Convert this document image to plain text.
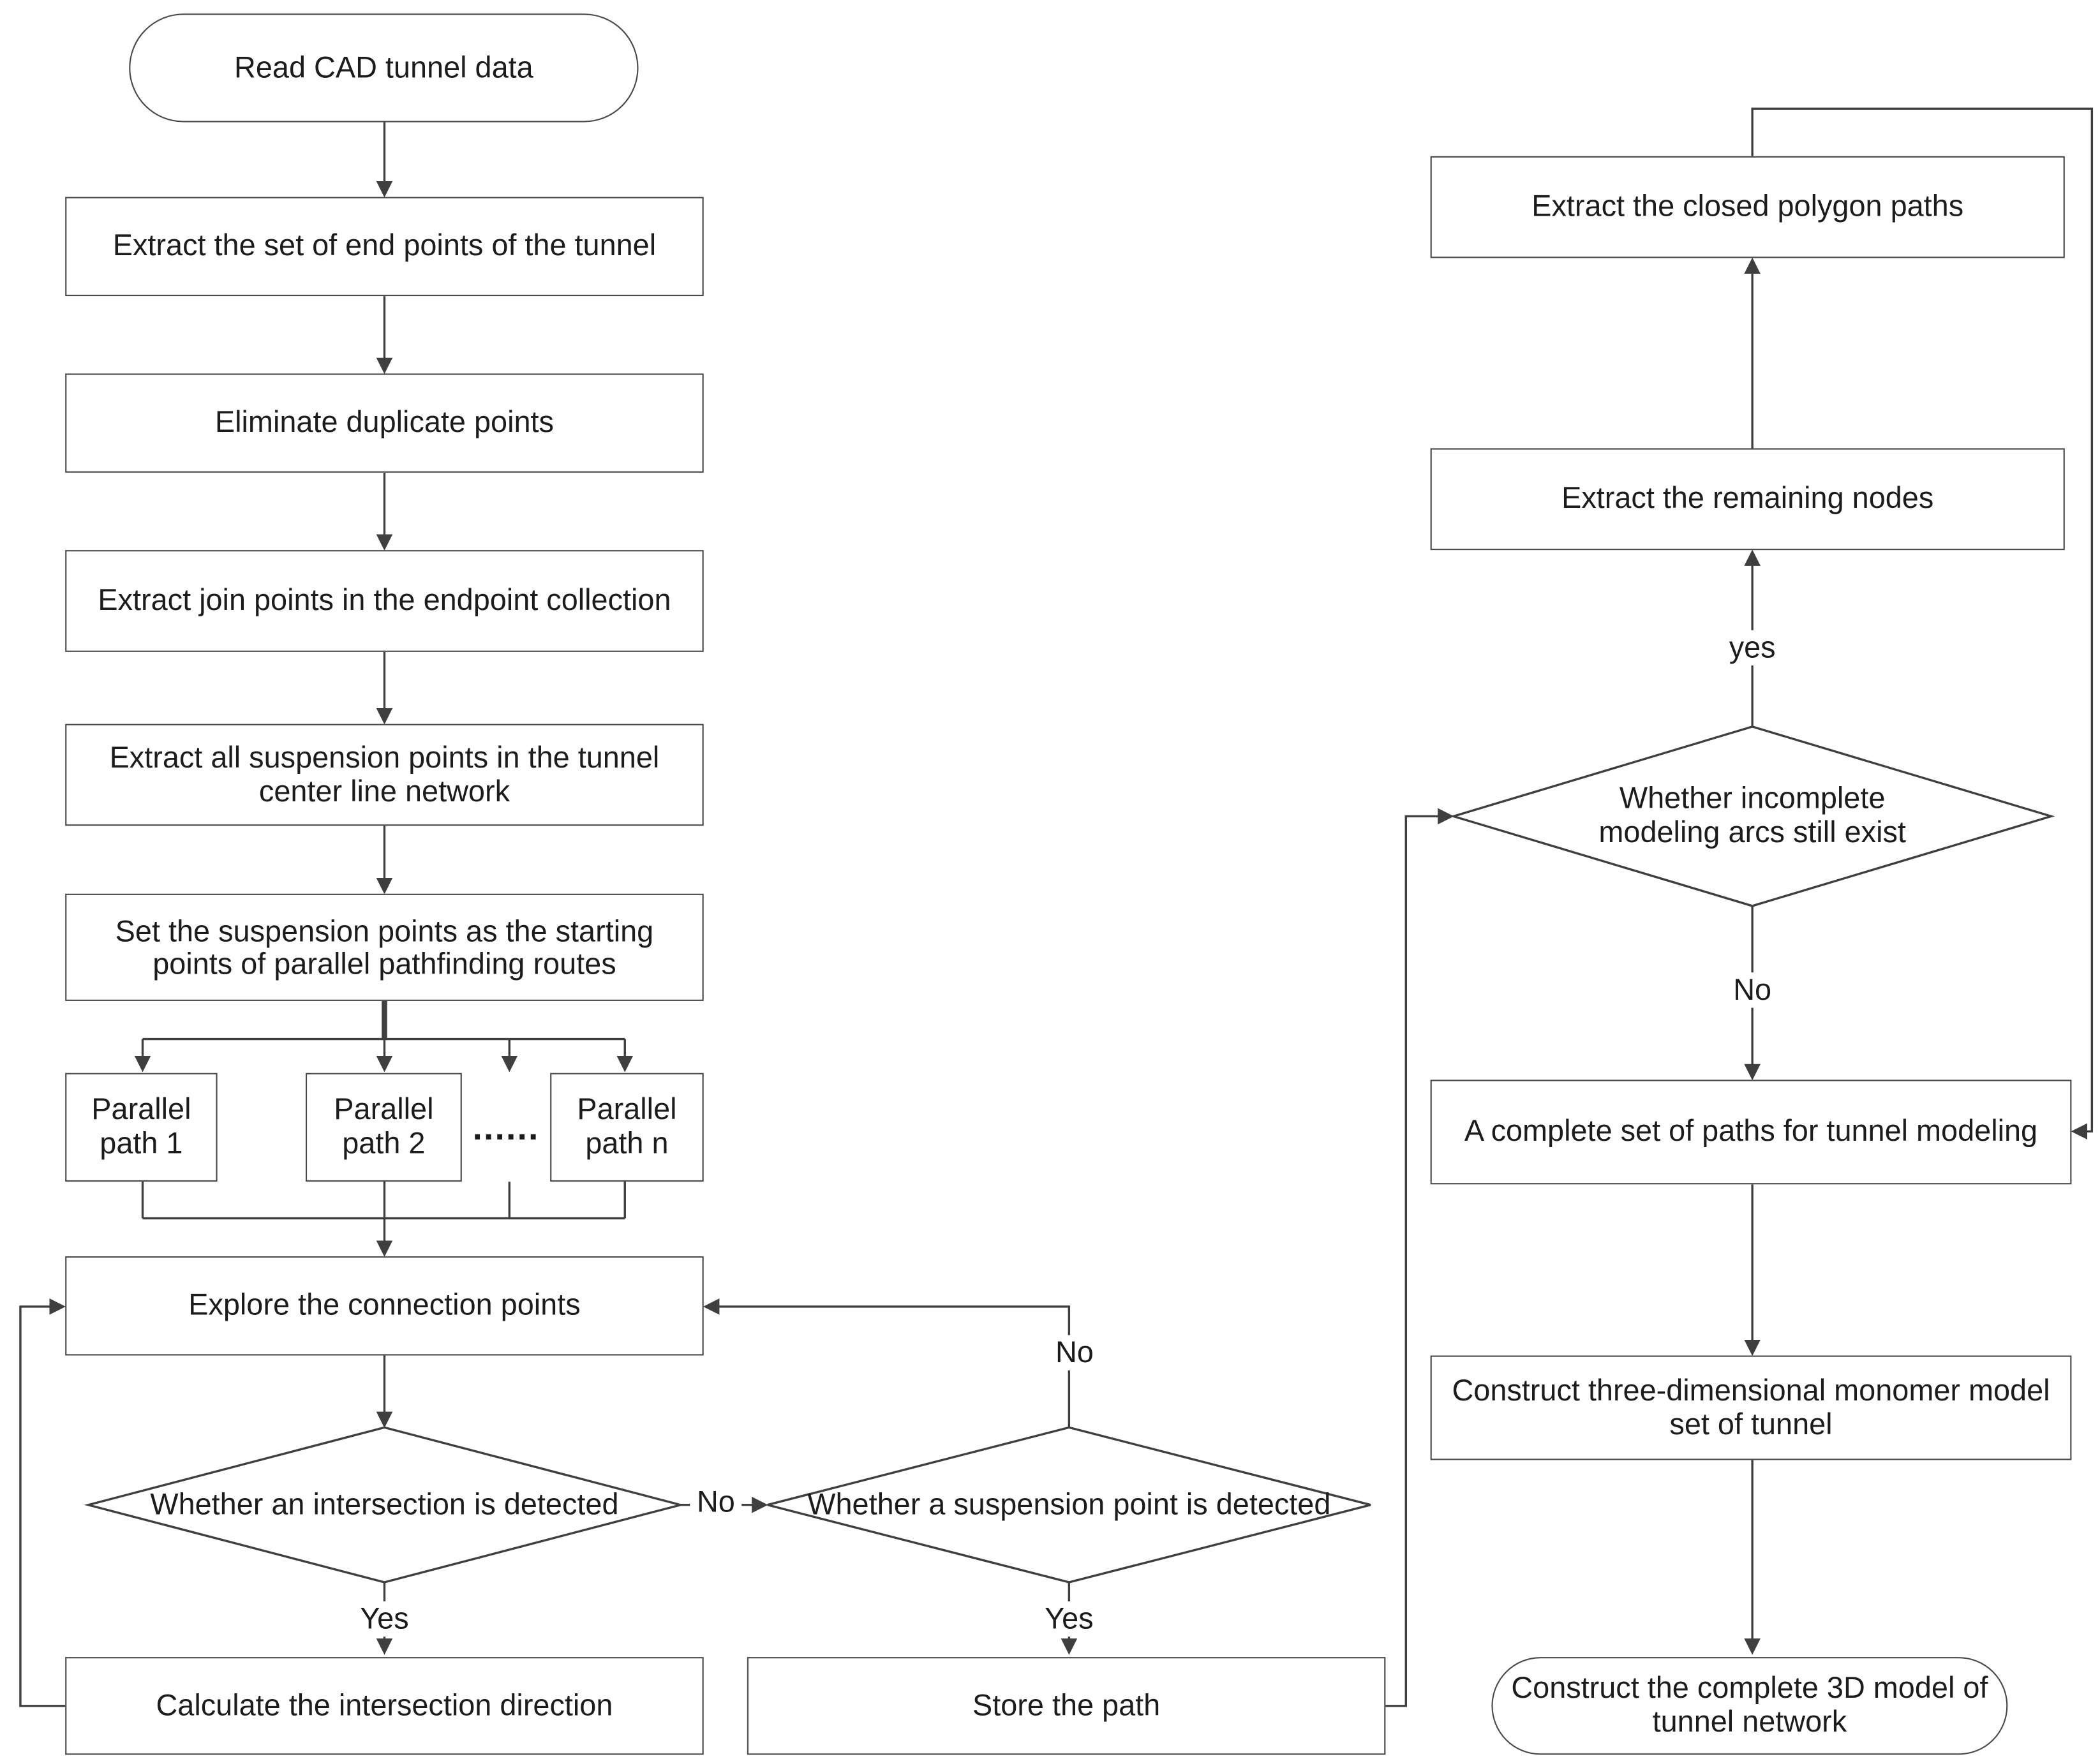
Read CAD tunnel data
Extract the set of end points of the tunnel
Eliminate duplicate points
Extract join points in the endpoint collection
Extract all suspension points in the tunnel center line network
Set the suspension points as the starting points of parallel pathfinding routes
Parallel path 1
Parallel path 2	......	Parallel path n
Explore the connection points
Whether an intersection is detected
Calculate the intersection direction
Whether a suspension point is detected
Store the path
Extract the closed polygon paths
Extract the remaining nodes
Whether incomplete modeling arcs still exist
A complete set of paths for tunnel modeling
Construct three-dimensional monomer model set of tunnel
Construct the complete 3D model of tunnel network
No
Yes	Yes
No
yes
No
